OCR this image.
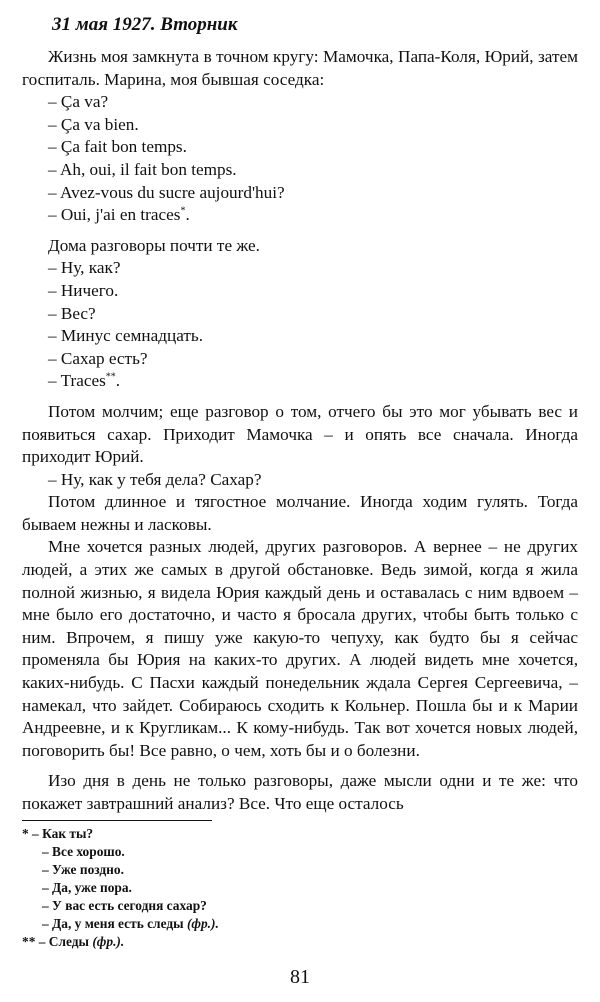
31 мая 1927. Вторник

Жизнь моя замкнута в точном кругу: Мамочка, Папа-Коля, Юрий, затем госпиталь. Марина, моя бывшая соседка:

– Ça va?

– Ça va bien.

– Ça fait bon temps.

– Ah, oui, il fait bon temps.

– Avez-vous du sucre aujourd'hui?

– Oui, j'ai en traces*.

Дома разговоры почти те же.

– Ну, как?

– Ничего.

– Вес?

– Минус семнадцать.

– Сахар есть?

– Traces**.

Потом молчим; еще разговор о том, отчего бы это мог убывать вес и появиться сахар. Приходит Мамочка – и опять все сначала. Иногда приходит Юрий.

– Ну, как у тебя дела? Сахар?

Потом длинное и тягостное молчание. Иногда ходим гулять. Тогда бываем нежны и ласковы.

Мне хочется разных людей, других разговоров. А вернее – не других людей, а этих же самых в другой обстановке. Ведь зимой, когда я жила полной жизнью, я видела Юрия каждый день и оставалась с ним вдвоем – мне было его достаточно, и часто я бросала других, чтобы быть только с ним. Впрочем, я пишу уже какую-то чепуху, как будто бы я сейчас променяла бы Юрия на каких-то других. А людей видеть мне хочется, каких-нибудь. С Пасхи каждый понедельник ждала Сергея Сергеевича, – намекал, что зайдет. Собираюсь сходить к Кольнер. Пошла бы и к Марии Андреевне, и к Кругликам... К кому-нибудь. Так вот хочется новых людей, поговорить бы! Все равно, о чем, хоть бы и о болезни.

Изо дня в день не только разговоры, даже мысли одни и те же: что покажет завтрашний анализ? Все. Что еще осталось

* – Как ты?

– Все хорошо.

– Уже поздно.

– Да, уже пора.

– У вас есть сегодня сахар?

– Да, у меня есть следы (фр.).

** – Следы (фр.).

81
